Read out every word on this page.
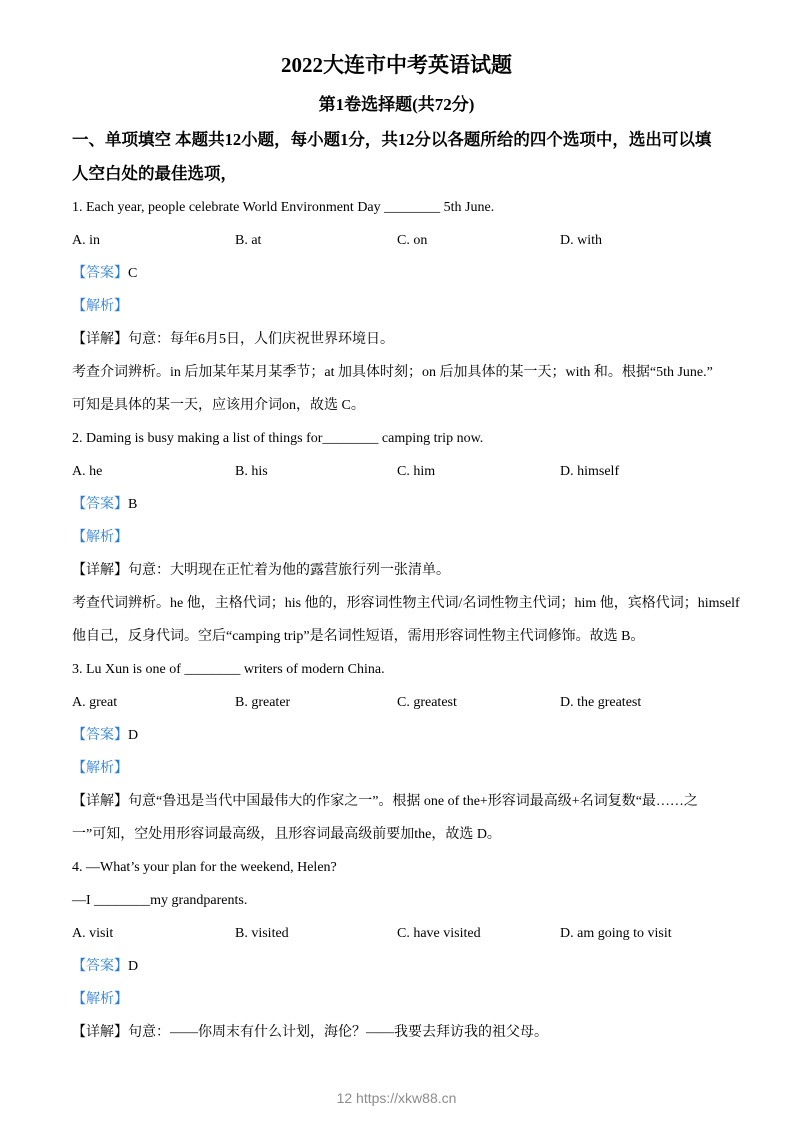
2022大连市中考英语试题
第1卷选择题(共72分)
一、单项填空 本题共12小题，每小题1分，共12分以各题所给的四个选项中，选出可以填
人空白处的最佳选项，
1. Each year, people celebrate World Environment Day ________ 5th June.
A. in	B. at	C. on	D. with
【答案】C
【解析】
【详解】句意：每年6月5日，人们庆祝世界环境日。
考查介词辨析。in 后加某年某月某季节；at 加具体时刻；on 后加具体的某一天；with 和。根据“5th June.”
可知是具体的某一天，应该用介词on，故选 C。
2. Daming is busy making a list of things for________ camping trip now.
A. he	B. his	C. him	D. himself
【答案】B
【解析】
【详解】句意：大明现在正忙着为他的露营旅行列一张清单。
考查代词辨析。he 他，主格代词；his 他的，形容词性物主代词/名词性物主代词；him 他，宾格代词；himself
他自己，反身代词。空后“camping trip”是名词性短语，需用形容词性物主代词修饰。故选 B。
3. Lu Xun is one of ________ writers of modern China.
A. great	B. greater	C. greatest	D. the greatest
【答案】D
【解析】
【详解】句意“鲁迅是当代中国最伟大的作家之一”。根据 one of the+形容词最高级+名词复数“最……之
一”可知，空处用形容词最高级，且形容词最高级前要加the，故选 D。
4. —What’s your plan for the weekend, Helen?
—I ________my grandparents.
A. visit	B. visited	C. have visited	D. am going to visit
【答案】D
【解析】
【详解】句意：——你周末有什么计划，海伦？——我要去拜访我的祖父母。
12 https://xkw88.cn
